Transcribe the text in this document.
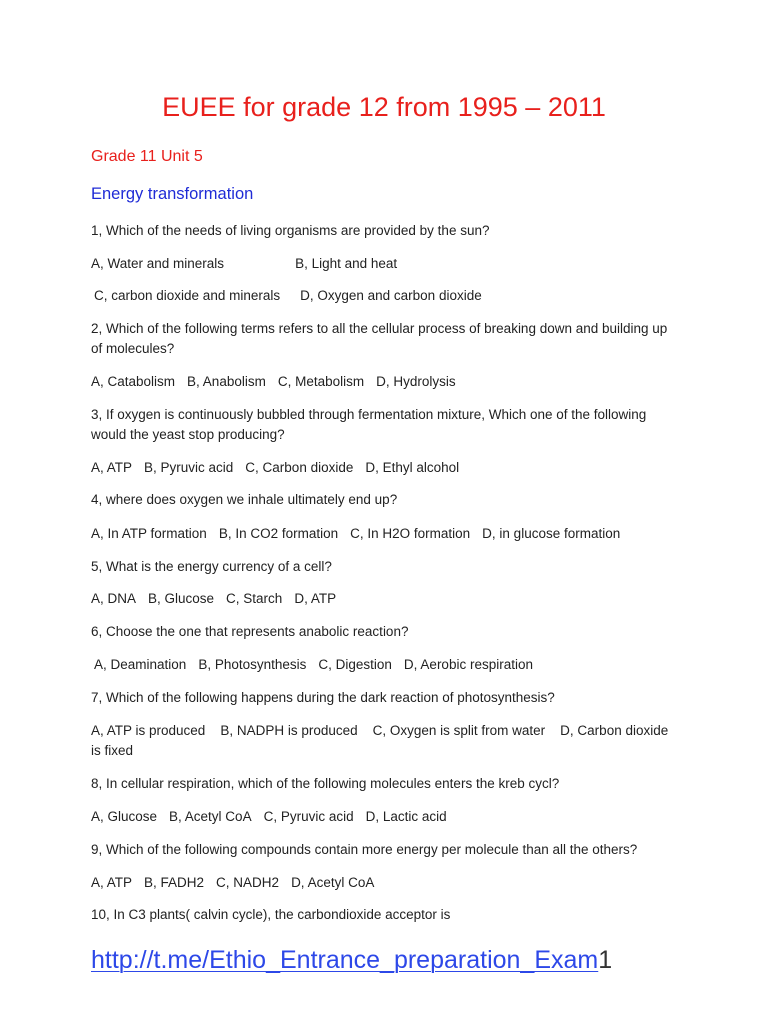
EUEE for grade 12 from 1995 – 2011
Grade 11 Unit 5
Energy transformation
1, Which of the needs of living organisms are provided by the sun?
A, Water and minerals	B, Light and heat
C, carbon dioxide and minerals D, Oxygen and carbon dioxide
2, Which of the following terms refers to all the cellular process of breaking down and building up of molecules?
A, Catabolism B, Anabolism C, Metabolism D, Hydrolysis
3, If oxygen is continuously bubbled through fermentation mixture, Which one of the following would the yeast stop producing?
A, ATP B, Pyruvic acid C, Carbon dioxide D, Ethyl alcohol
4, where does oxygen we inhale ultimately end up?
A, In ATP formation B, In CO2 formation C, In H2O formation D, in glucose formation
5, What is the energy currency of a cell?
A, DNA B, Glucose C, Starch D, ATP
6, Choose the one that represents anabolic reaction?
A, Deamination B, Photosynthesis C, Digestion D, Aerobic respiration
7, Which of the following happens during the dark reaction of photosynthesis?
A, ATP is produced    B, NADPH is produced    C, Oxygen is split from water    D, Carbon dioxide is fixed
8, In cellular respiration, which of the following molecules enters the kreb cycl?
A, Glucose B, Acetyl CoA C, Pyruvic acid D, Lactic acid
9, Which of the following compounds contain more energy per molecule than all the others?
A, ATP B, FADH2 C, NADH2 D, Acetyl CoA
10, In C3 plants( calvin cycle), the carbondioxide acceptor is
http://t.me/Ethio_Entrance_preparation_Exam1
